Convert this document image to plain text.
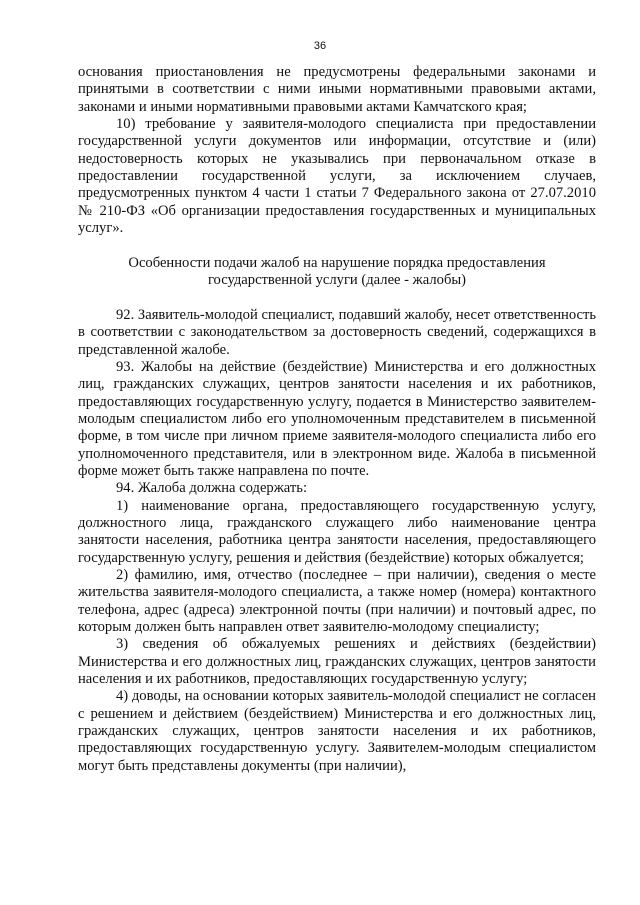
36

основания приостановления не предусмотрены федеральными законами и принятыми в соответствии с ними иными нормативными правовыми актами, законами и иными нормативными правовыми актами Камчатского края;

10) требование у заявителя-молодого специалиста при предоставлении государственной услуги документов или информации, отсутствие и (или) недостоверность которых не указывались при первоначальном отказе в предоставлении государственной услуги, за исключением случаев, предусмотренных пунктом 4 части 1 статьи 7 Федерального закона от 27.07.2010 № 210-ФЗ «Об организации предоставления государственных и муниципальных услуг».

Особенности подачи жалоб на нарушение порядка предоставления

государственной услуги (далее - жалобы)

92. Заявитель-молодой специалист, подавший жалобу, несет ответственность в соответствии с законодательством за достоверность сведений, содержащихся в представленной жалобе.

93. Жалобы на действие (бездействие) Министерства и его должностных лиц, гражданских служащих, центров занятости населения и их работников, предоставляющих государственную услугу, подается в Министерство заявителем-молодым специалистом либо его уполномоченным представителем в письменной форме, в том числе при личном приеме заявителя-молодого специалиста либо его уполномоченного представителя, или в электронном виде. Жалоба в письменной форме может быть также направлена по почте.

94. Жалоба должна содержать:

1) наименование органа, предоставляющего государственную услугу, должностного лица, гражданского служащего либо наименование центра занятости населения, работника центра занятости населения, предоставляющего государственную услугу, решения и действия (бездействие) которых обжалуется;

2) фамилию, имя, отчество (последнее – при наличии), сведения о месте жительства заявителя-молодого специалиста, а также номер (номера) контактного телефона, адрес (адреса) электронной почты (при наличии) и почтовый адрес, по которым должен быть направлен ответ заявителю-молодому специалисту;

3) сведения об обжалуемых решениях и действиях (бездействии) Министерства и его должностных лиц, гражданских служащих, центров занятости населения и их работников, предоставляющих государственную услугу;

4) доводы, на основании которых заявитель-молодой специалист не согласен с решением и действием (бездействием) Министерства и его должностных лиц, гражданских служащих, центров занятости населения и их работников, предоставляющих государственную услугу. Заявителем-молодым специалистом могут быть представлены документы (при наличии),
